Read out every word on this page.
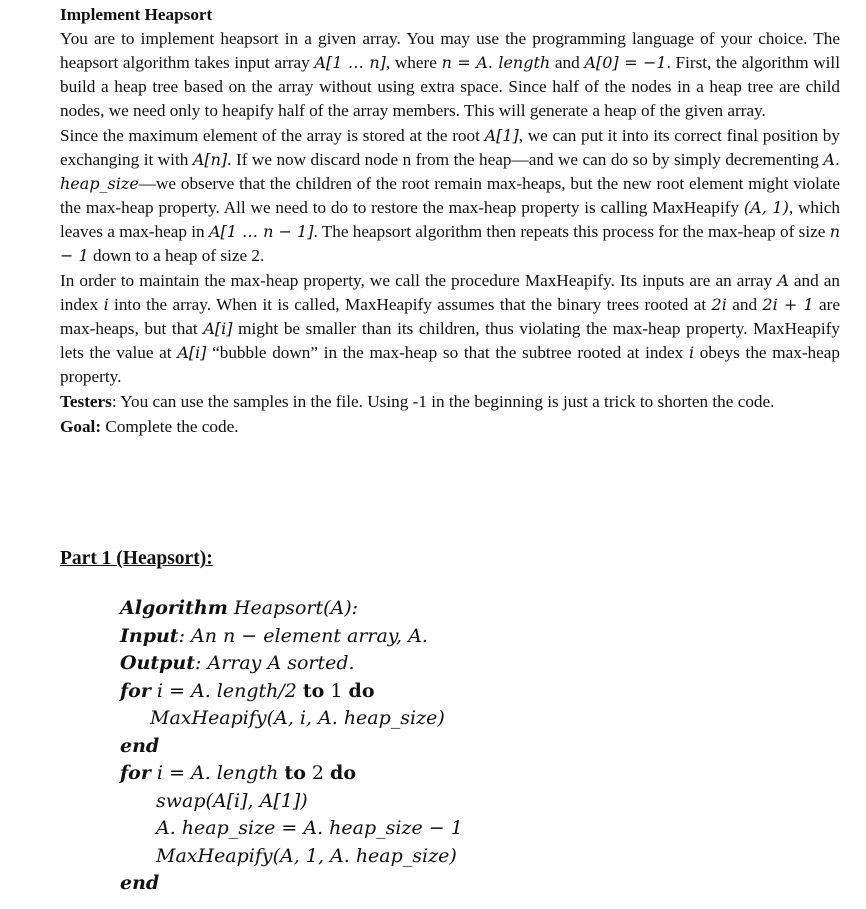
Implement Heapsort

You are to implement heapsort in a given array. You may use the programming language of your choice. The heapsort algorithm takes input array A[1 … n], where n = A. length and A[0] = −1. First, the algorithm will build a heap tree based on the array without using extra space. Since half of the nodes in a heap tree are child nodes, we need only to heapify half of the array members. This will generate a heap of the given array.

Since the maximum element of the array is stored at the root A[1], we can put it into its correct final position by exchanging it with A[n]. If we now discard node n from the heap—and we can do so by simply decrementing A. heap_size—we observe that the children of the root remain max-heaps, but the new root element might violate the max-heap property. All we need to do to restore the max-heap property is calling MaxHeapify (A, 1), which leaves a max-heap in A[1 … n − 1]. The heapsort algorithm then repeats this process for the max-heap of size n − 1 down to a heap of size 2.

In order to maintain the max-heap property, we call the procedure MaxHeapify. Its inputs are an array A and an index i into the array. When it is called, MaxHeapify assumes that the binary trees rooted at 2i and 2i + 1 are max-heaps, but that A[i] might be smaller than its children, thus violating the max-heap property. MaxHeapify lets the value at A[i] “bubble down” in the max-heap so that the subtree rooted at index i obeys the max-heap property.

Testers: You can use the samples in the file. Using -1 in the beginning is just a trick to shorten the code.

Goal: Complete the code.

Part 1 (Heapsort):

Algorithm Heapsort(A):
Input: An n − element array, A.
Output: Array A sorted.
for i = A. length/2 to 1 do
MaxHeapify(A, i, A. heap_size)
end
for i = A. length to 2 do
swap(A[i], A[1])
A. heap_size = A. heap_size − 1
MaxHeapify(A, 1, A. heap_size)
end
